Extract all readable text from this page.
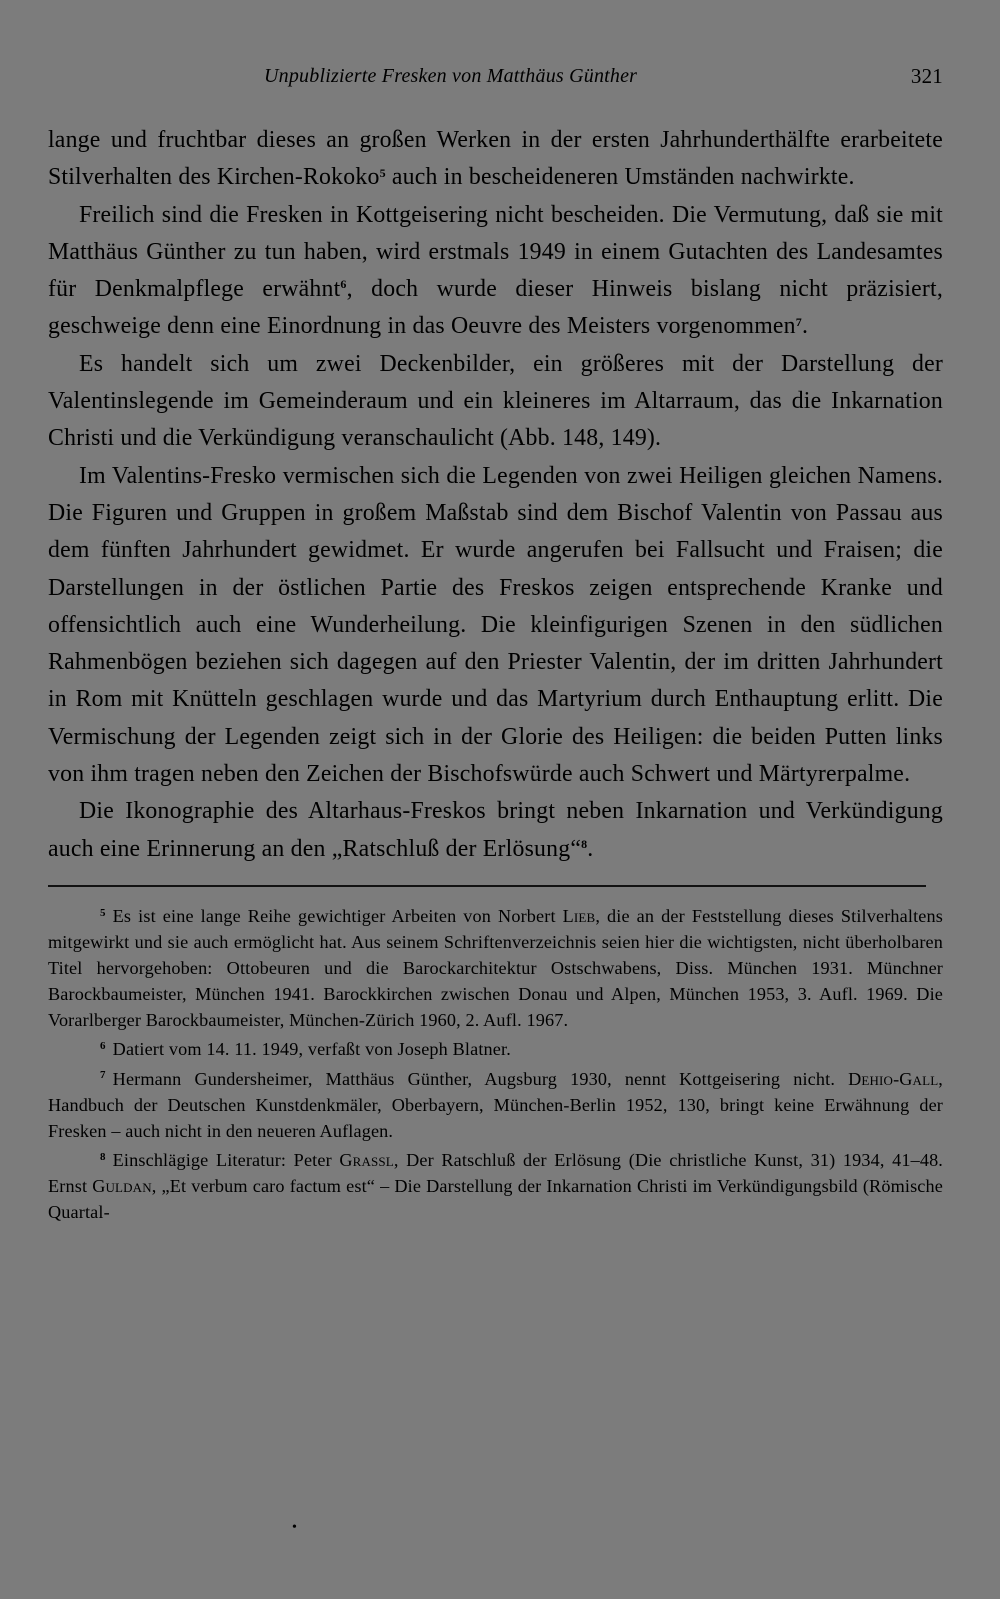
Unpublizierte Fresken von Matthäus Günther	321

lange und fruchtbar dieses an großen Werken in der ersten Jahrhunderthälfte erarbeitete Stilverhalten des Kirchen-Rokoko$^5$ auch in bescheideneren Umständen nachwirkte.

Freilich sind die Fresken in Kottgeisering nicht bescheiden. Die Vermutung, daß sie mit Matthäus Günther zu tun haben, wird erstmals 1949 in einem Gutachten des Landesamtes für Denkmalpflege erwähnt$^6$, doch wurde dieser Hinweis bislang nicht präzisiert, geschweige denn eine Einordnung in das Oeuvre des Meisters vorgenommen$^7$.

Es handelt sich um zwei Deckenbilder, ein größeres mit der Darstellung der Valentinslegende im Gemeinderaum und ein kleineres im Altarraum, das die Inkarnation Christi und die Verkündigung veranschaulicht (Abb. 148, 149).

Im Valentins-Fresko vermischen sich die Legenden von zwei Heiligen gleichen Namens. Die Figuren und Gruppen in großem Maßstab sind dem Bischof Valentin von Passau aus dem fünften Jahrhundert gewidmet. Er wurde angerufen bei Fallsucht und Fraisen; die Darstellungen in der östlichen Partie des Freskos zeigen entsprechende Kranke und offensichtlich auch eine Wunderheilung. Die kleinfigurigen Szenen in den südlichen Rahmenbögen beziehen sich dagegen auf den Priester Valentin, der im dritten Jahrhundert in Rom mit Knütteln geschlagen wurde und das Martyrium durch Enthauptung erlitt. Die Vermischung der Legenden zeigt sich in der Glorie des Heiligen: die beiden Putten links von ihm tragen neben den Zeichen der Bischofswürde auch Schwert und Märtyrerpalme.

Die Ikonographie des Altarhaus-Freskos bringt neben Inkarnation und Verkündigung auch eine Erinnerung an den „Ratschluß der Erlösung“$^8$.

5 Es ist eine lange Reihe gewichtiger Arbeiten von Norbert Lieb, die an der Feststellung dieses Stilverhaltens mitgewirkt und sie auch ermöglicht hat. Aus seinem Schriftenverzeichnis seien hier die wichtigsten, nicht überholbaren Titel hervorgehoben: Ottobeuren und die Barockarchitektur Ostschwabens, Diss. München 1931. Münchner Barockbaumeister, München 1941. Barockkirchen zwischen Donau und Alpen, München 1953, 3. Aufl. 1969. Die Vorarlberger Barockbaumeister, München-Zürich 1960, 2. Aufl. 1967.

6 Datiert vom 14. 11. 1949, verfaßt von Joseph Blatner.

7 Hermann Gundersheimer, Matthäus Günther, Augsburg 1930, nennt Kottgeisering nicht. Dehio-Gall, Handbuch der Deutschen Kunstdenkmäler, Oberbayern, München-Berlin 1952, 130, bringt keine Erwähnung der Fresken – auch nicht in den neueren Auflagen.

8 Einschlägige Literatur: Peter Grassl, Der Ratschluß der Erlösung (Die christliche Kunst, 31) 1934, 41–48. Ernst Guldan, „Et verbum caro factum est“ – Die Darstellung der Inkarnation Christi im Verkündigungsbild (Römische Quartal-

•
